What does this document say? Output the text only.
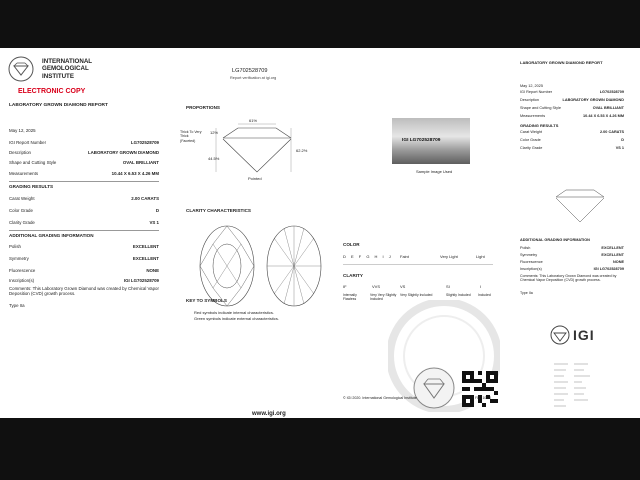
INTERNATIONAL
GEMOLOGICAL
INSTITUTE
ELECTRONIC COPY
LABORATORY GROWN DIAMOND REPORT
LG702528709
Report verification at igi.org
May 12, 2025
IGI Report Number	LG702528709
Description	LABORATORY GROWN DIAMOND
Shape and Cutting Style	OVAL BRILLIANT
Measurements	10.44 X 6.53 X 4.26 MM
GRADING RESULTS
Carat Weight	2.00 CARATS
Color Grade	D
Clarity Grade	VS 1
ADDITIONAL GRADING INFORMATION
Polish	EXCELLENT
Symmetry	EXCELLENT
Fluorescence	NONE
Inscription(s)	IGI LG702528709
Comments: This Laboratory Grown Diamond was created by Chemical Vapor Deposition (CVD) growth process.
Type IIa
PROPORTIONS
61%
62.2%
12%
44.5%
Thick To Very Thick (Faceted)
Pointed
IGI LG702528709
Sample Image Used
CLARITY CHARACTERISTICS
KEY TO SYMBOLS
Red symbols indicate internal characteristics.
Green symbols indicate external characteristics.
www.igi.org
COLOR
D E F G H I J Faint	Very Light	Light
CLARITY
IF	VVS	VS	SI	I
Internally Flawless
Very Very Slightly Included
Very Slightly Included	Slightly Included	Included
© IGI 2020. International Gemological Institute	FD - 10.20
LABORATORY GROWN DIAMOND REPORT
May 12, 2025
IGI Report Number	LG702528709
Description	LABORATORY GROWN DIAMOND
Shape and Cutting Style	OVAL BRILLIANT
Measurements	10.44 X 6.53 X 4.26 MM
GRADING RESULTS
Carat Weight	2.00 CARATS
Color Grade	D
Clarity Grade	VS 1
ADDITIONAL GRADING INFORMATION
Polish	EXCELLENT
Symmetry	EXCELLENT
Fluorescence	NONE
Inscription(s)	IGI LG702528709
Comments: This Laboratory Grown Diamond was created by Chemical Vapor Deposition (CVD) growth process.
Type IIa
IGI
